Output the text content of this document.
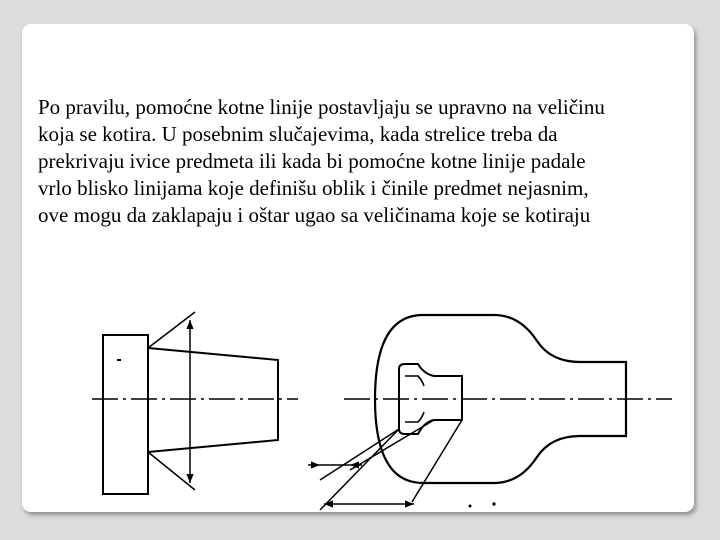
Po pravilu, pomoćne kotne linije postavljaju se upravno na veličinu
koja se kotira. U posebnim slučajevima, kada strelice treba da
prekrivaju ivice predmeta ili kada bi pomoćne kotne linije padale
vrlo blisko linijama koje definišu oblik i činile predmet nejasnim,
ove mogu da zaklapaju i oštar ugao sa veličinama koje se kotiraju
